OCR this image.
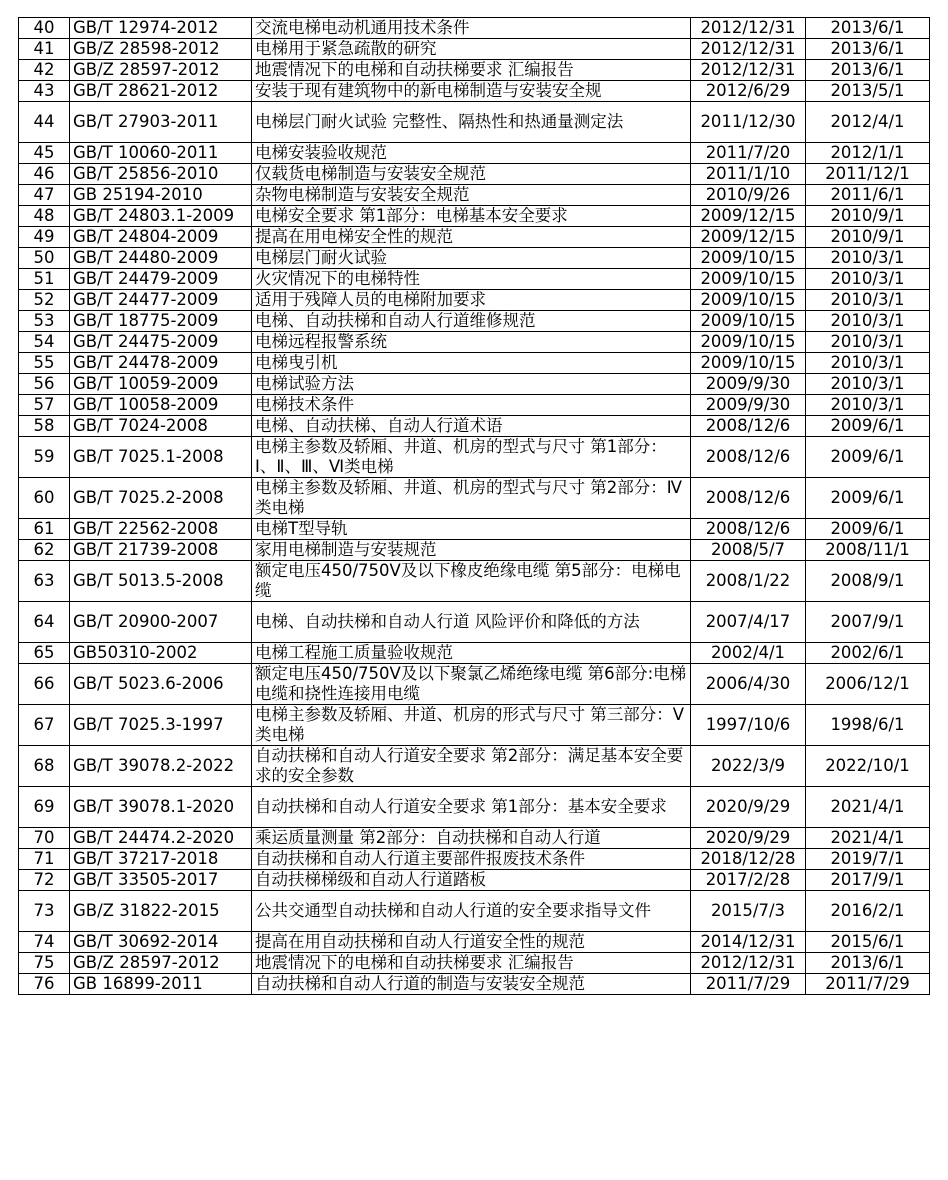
40	GB/T 12974-2012	交流电梯电动机通用技术条件	2012/12/31	2013/6/1
41	GB/Z 28598-2012	电梯用于紧急疏散的研究	2012/12/31	2013/6/1
42	GB/Z 28597-2012	地震情况下的电梯和自动扶梯要求 汇编报告	2012/12/31	2013/6/1
43	GB/T 28621-2012	安装于现有建筑物中的新电梯制造与安装安全规	2012/6/29	2013/5/1
44	GB/T 27903-2011	电梯层门耐火试验 完整性、隔热性和热通量测定法	2011/12/30	2012/4/1
45	GB/T 10060-2011	电梯安装验收规范	2011/7/20	2012/1/1
46	GB/T 25856-2010	仅载货电梯制造与安装安全规范	2011/1/10	2011/12/1
47	GB 25194-2010	杂物电梯制造与安装安全规范	2010/9/26	2011/6/1
48	GB/T 24803.1-2009	电梯安全要求 第1部分：电梯基本安全要求	2009/12/15	2010/9/1
49	GB/T 24804-2009	提高在用电梯安全性的规范	2009/12/15	2010/9/1
50	GB/T 24480-2009	电梯层门耐火试验	2009/10/15	2010/3/1
51	GB/T 24479-2009	火灾情况下的电梯特性	2009/10/15	2010/3/1
52	GB/T 24477-2009	适用于残障人员的电梯附加要求	2009/10/15	2010/3/1
53	GB/T 18775-2009	电梯、自动扶梯和自动人行道维修规范	2009/10/15	2010/3/1
54	GB/T 24475-2009	电梯远程报警系统	2009/10/15	2010/3/1
55	GB/T 24478-2009	电梯曳引机	2009/10/15	2010/3/1
56	GB/T 10059-2009	电梯试验方法	2009/9/30	2010/3/1
57	GB/T 10058-2009	电梯技术条件	2009/9/30	2010/3/1
58	GB/T 7024-2008	电梯、自动扶梯、自动人行道术语	2008/12/6	2009/6/1
59	GB/T 7025.1-2008	电梯主参数及轿厢、井道、机房的型式与尺寸 第1部分：Ⅰ、Ⅱ、Ⅲ、Ⅵ类电梯	2008/12/6	2009/6/1
60	GB/T 7025.2-2008	电梯主参数及轿厢、井道、机房的型式与尺寸 第2部分：Ⅳ类电梯	2008/12/6	2009/6/1
61	GB/T 22562-2008	电梯T型导轨	2008/12/6	2009/6/1
62	GB/T 21739-2008	家用电梯制造与安装规范	2008/5/7	2008/11/1
63	GB/T 5013.5-2008	额定电压450/750V及以下橡皮绝缘电缆 第5部分：电梯电缆	2008/1/22	2008/9/1
64	GB/T 20900-2007	电梯、自动扶梯和自动人行道 风险评价和降低的方法	2007/4/17	2007/9/1
65	GB50310-2002	电梯工程施工质量验收规范	2002/4/1	2002/6/1
66	GB/T 5023.6-2006	额定电压450/750V及以下聚氯乙烯绝缘电缆 第6部分:电梯电缆和挠性连接用电缆	2006/4/30	2006/12/1
67	GB/T 7025.3-1997	电梯主参数及轿厢、井道、机房的形式与尺寸 第三部分：Ⅴ类电梯	1997/10/6	1998/6/1
68	GB/T 39078.2-2022	自动扶梯和自动人行道安全要求 第2部分：满足基本安全要求的安全参数	2022/3/9	2022/10/1
69	GB/T 39078.1-2020	自动扶梯和自动人行道安全要求 第1部分：基本安全要求	2020/9/29	2021/4/1
70	GB/T 24474.2-2020	乘运质量测量 第2部分：自动扶梯和自动人行道	2020/9/29	2021/4/1
71	GB/T 37217-2018	自动扶梯和自动人行道主要部件报废技术条件	2018/12/28	2019/7/1
72	GB/T 33505-2017	自动扶梯梯级和自动人行道踏板	2017/2/28	2017/9/1
73	GB/Z 31822-2015	公共交通型自动扶梯和自动人行道的安全要求指导文件	2015/7/3	2016/2/1
74	GB/T 30692-2014	提高在用自动扶梯和自动人行道安全性的规范	2014/12/31	2015/6/1
75	GB/Z 28597-2012	地震情况下的电梯和自动扶梯要求 汇编报告	2012/12/31	2013/6/1
76	GB 16899-2011	自动扶梯和自动人行道的制造与安装安全规范	2011/7/29	2011/7/29
